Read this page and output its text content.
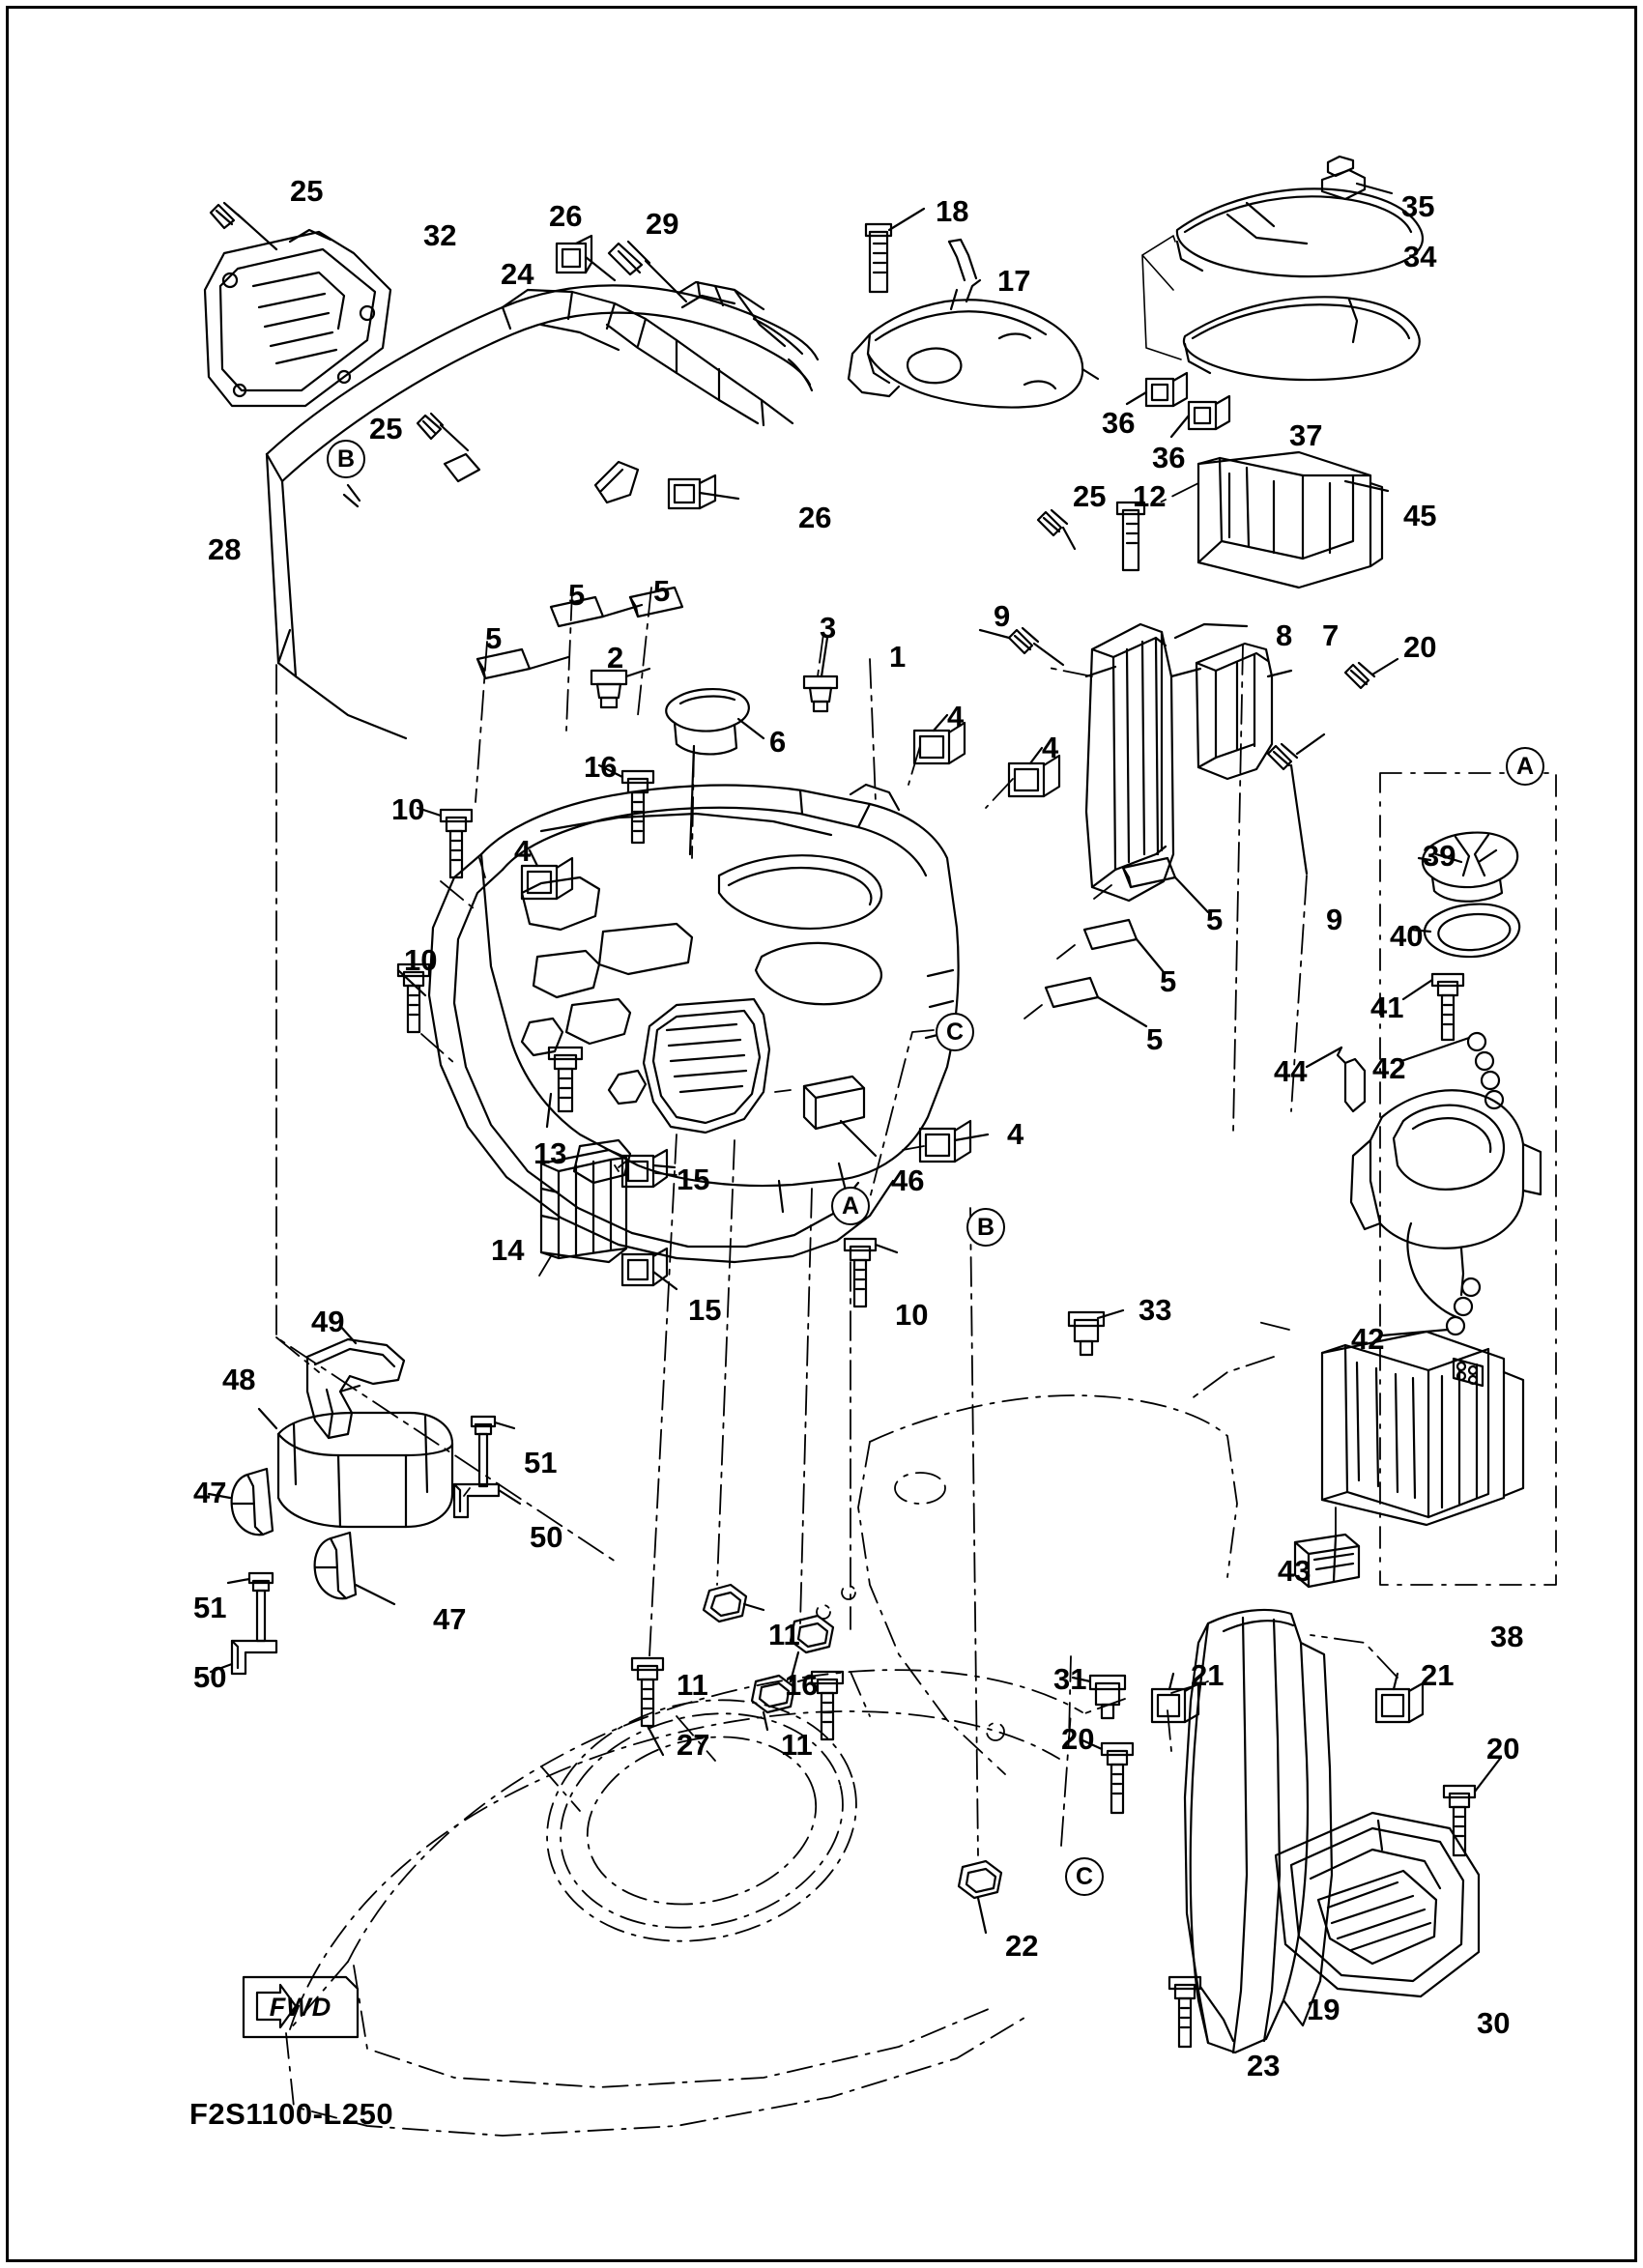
25
32
26 29
24
18
17
35
34
25	36
36
37
26	45
25 12
28
9
8 7 20
5 5
5
2
3
1
4
4
6
16
10
4	39
40
41
42
5	9
5
5
10
44
13
4
46
15
14
15	10	33
42
49
48
47
51
50
47
51
50
43
38
11
11	16
27 11
31	21	21
20	20
22
19	30
23
B
A
C
A
B
C
FWD
F2S1100-L250
